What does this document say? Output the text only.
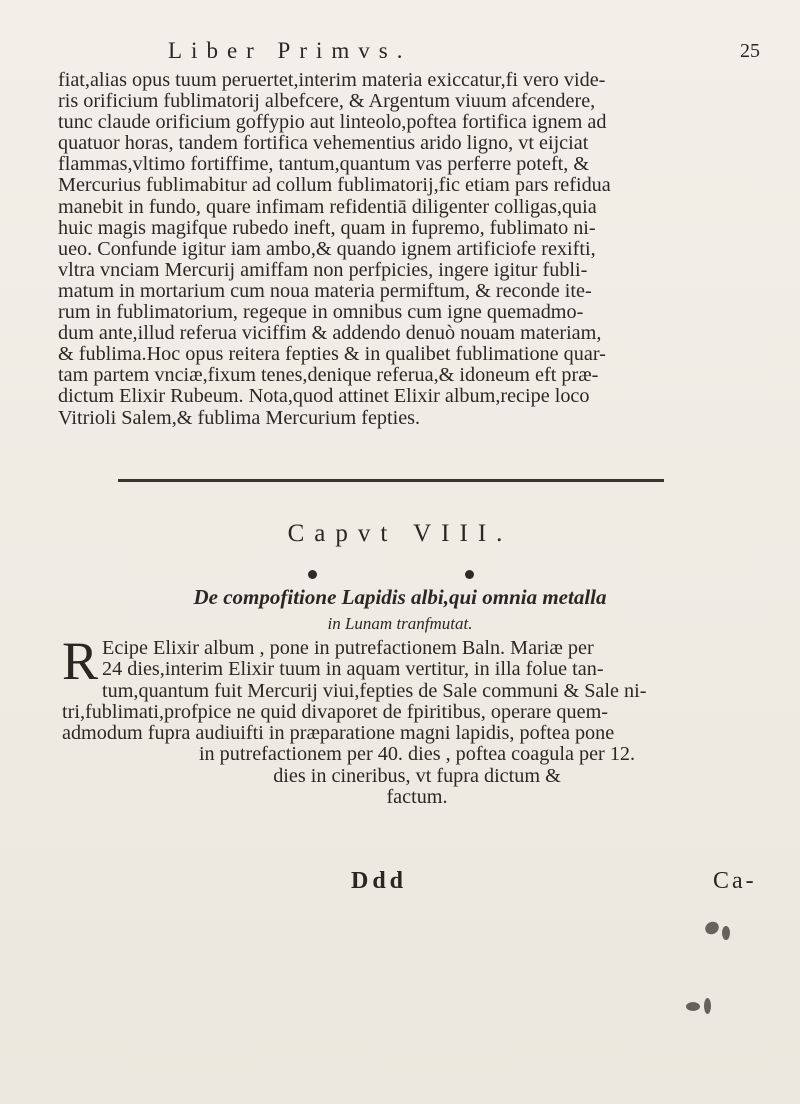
Liber Primvs.	25
fiat,alias opus tuum peruertet,interim materia exiccatur,fi vero vide-
ris orificium fublimatorij albefcere, & Argentum viuum afcendere,
tunc claude orificium goffypio aut linteolo,poftea fortifica ignem ad
quatuor horas, tandem fortifica vehementius arido ligno, vt eijciat
flammas,vltimo fortiffime, tantum,quantum vas perferre poteft, &
Mercurius fublimabitur ad collum fublimatorij,fic etiam pars refidua
manebit in fundo, quare infimam refidentiā diligenter colligas,quia
huic magis magifque rubedo ineft, quam in fupremo, fublimato ni-
ueo. Confunde igitur iam ambo,& quando ignem artificiofe rexifti,
vltra vnciam Mercurij amiffam non perfpicies, ingere igitur fubli-
matum in mortarium cum noua materia permiftum, & reconde ite-
rum in fublimatorium, regeque in omnibus cum igne quemadmo-
dum ante,illud referua viciffim & addendo denuò nouam materiam,
& fublima.Hoc opus reitera fepties & in qualibet fublimatione quar-
tam partem vnciæ,fixum tenes,denique referua,& idoneum eft præ-
dictum Elixir Rubeum. Nota,quod attinet Elixir album,recipe loco
Vitrioli Salem,& fublima Mercurium fepties.
Capvt VIII.
De compofitione Lapidis albi,qui omnia metalla
in Lunam tranfmutat.
R Ecipe Elixir album , pone in putrefactionem Baln. Mariæ per
24 dies,interim Elixir tuum in aquam vertitur, in illa folue tan-
tum,quantum fuit Mercurij viui,fepties de Sale communi & Sale ni-
tri,fublimati,profpice ne quid divaporet de fpiritibus, operare quem-
admodum fupra audiuifti in præparatione magni lapidis, poftea pone
in putrefactionem per 40. dies , poftea coagula per 12.
dies in cineribus, vt fupra dictum &
factum.
Ddd	Ca-
